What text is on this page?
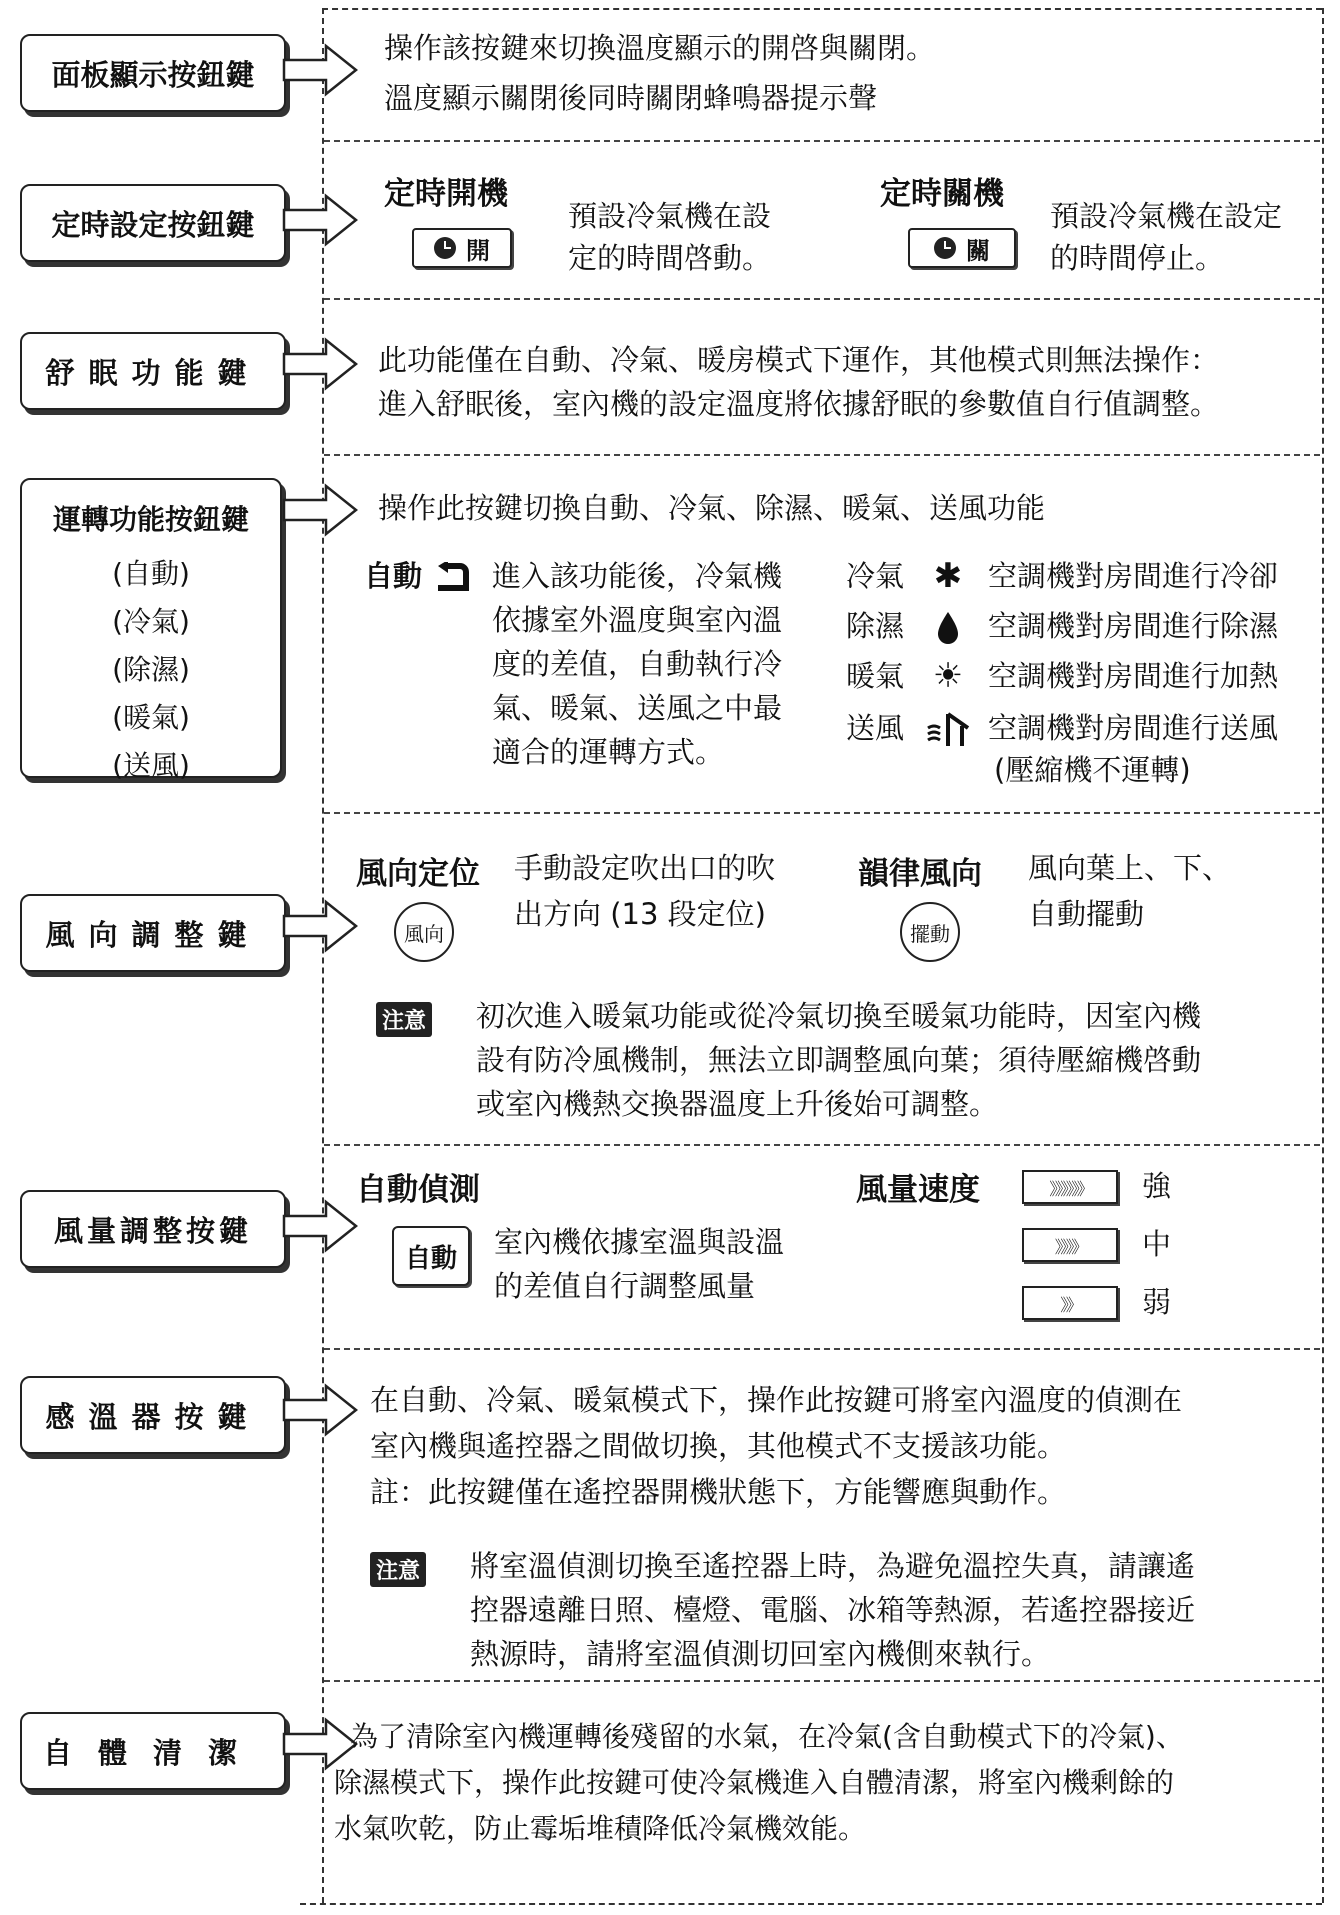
面板顯示按鈕鍵
操作該按鍵來切換溫度顯示的開啓與關閉。
溫度顯示關閉後同時關閉蜂鳴器提示聲
定時設定按鈕鍵
定時開機
開
預設冷氣機在設
定的時間啓動。
定時關機
關
預設冷氣機在設定
的時間停止。
舒眠功能鍵	此功能僅在自動、冷氣、暖房模式下運作，其他模式則無法操作：
進入舒眠後，室內機的設定溫度將依據舒眠的參數值自行值調整。
運轉功能按鈕鍵
(自動)
(冷氣)
(除濕)
(暖氣)
(送風)
操作此按鍵切換自動、冷氣、除濕、暖氣、送風功能
自動 進入該功能後，冷氣機
依據室外溫度與室內溫
度的差值，自動執行冷
氣、暖氣、送風之中最
適合的運轉方式。
冷氣 ✱ 空調機對房間進行冷卻
除濕	空調機對房間進行除濕
暖氣 ☀ 空調機對房間進行加熱
送風	空調機對房間進行送風
(壓縮機不運轉)
風向調整鍵
風向定位 手動設定吹出口的吹
出方向 (13 段定位)
風向
韻律風向 風向葉上、下、
自動擺動
擺動
注意 初次進入暖氣功能或從冷氣切換至暖氣功能時，因室內機
設有防冷風機制，無法立即調整風向葉；須待壓縮機啓動
或室內機熱交換器溫度上升後始可調整。
風量調整按鍵
自動偵測
自動	室內機依據室溫與設溫
的差值自行調整風量
風量速度	》》》》》》	強
》》》》	中
》》	弱
感溫器按鍵	在自動、冷氣、暖氣模式下，操作此按鍵可將室內溫度的偵測在
室內機與遙控器之間做切換，其他模式不支援該功能。
註：此按鍵僅在遙控器開機狀態下，方能響應與動作。
注意 將室溫偵測切換至遙控器上時，為避免溫控失真，請讓遙
控器遠離日照、檯燈、電腦、冰箱等熱源，若遙控器接近
熱源時，請將室溫偵測切回室內機側來執行。
自體清潔	為了清除室內機運轉後殘留的水氣，在冷氣(含自動模式下的冷氣)、
除濕模式下，操作此按鍵可使冷氣機進入自體清潔，將室內機剩餘的
水氣吹乾，防止霉垢堆積降低冷氣機效能。
